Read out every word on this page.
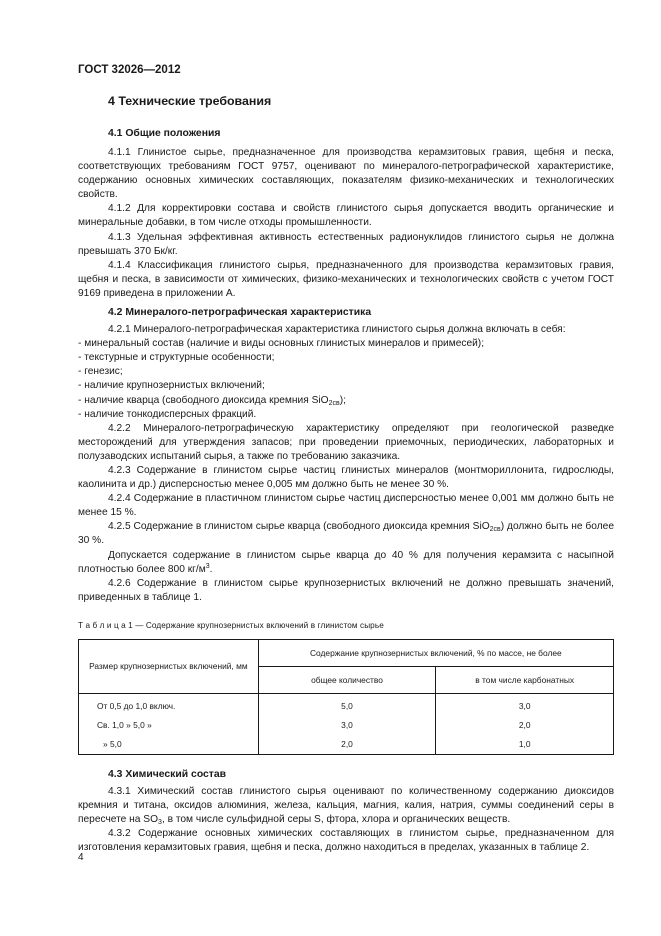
ГОСТ 32026—2012
4 Технические требования
4.1 Общие положения

4.1.1 Глинистое сырье, предназначенное для производства керамзитовых гравия, щебня и песка, соответствующих требованиям ГОСТ 9757, оценивают по минералого-петрографической характеристике, содержанию основных химических составляющих, показателям физико-механических и технологических свойств.

4.1.2 Для корректировки состава и свойств глинистого сырья допускается вводить органические и минеральные добавки, в том числе отходы промышленности.

4.1.3 Удельная эффективная активность естественных радионуклидов глинистого сырья не должна превышать 370 Бк/кг.

4.1.4 Классификация глинистого сырья, предназначенного для производства керамзитовых гравия, щебня и песка, в зависимости от химических, физико-механических и технологических свойств с учетом ГОСТ 9169 приведена в приложении А.

4.2 Минералого-петрографическая характеристика

4.2.1 Минералого-петрографическая характеристика глинистого сырья должна включать в себя:

- минеральный состав (наличие и виды основных глинистых минералов и примесей);

- текстурные и структурные особенности;

- генезис;

- наличие крупнозернистых включений;

- наличие кварца (свободного диоксида кремния SiO$_{2св}$);

- наличие тонкодисперсных фракций.

4.2.2 Минералого-петрографическую характеристику определяют при геологической разведке месторождений для утверждения запасов; при проведении приемочных, периодических, лабораторных и полузаводских испытаний сырья, а также по требованию заказчика.

4.2.3 Содержание в глинистом сырье частиц глинистых минералов (монтмориллонита, гидрослюды, каолинита и др.) дисперсностью менее 0,005 мм должно быть не менее 30 %.

4.2.4 Содержание в пластичном глинистом сырье частиц дисперсностью менее 0,001 мм должно быть не менее 15 %.

4.2.5 Содержание в глинистом сырье кварца (свободного диоксида кремния SiO$_{2св}$) должно быть не более 30 %.

Допускается содержание в глинистом сырье кварца до 40 % для получения керамзита с насыпной плотностью более 800 $кг/м^3$.

4.2.6 Содержание в глинистом сырье крупнозернистых включений не должно превышать значений, приведенных в таблице 1.

Т а б л и ц а 1 — Содержание крупнозернистых включений в глинистом сырье
Размер крупнозернистых включений, мм	Содержание крупнозернистых включений, % по массе, не более	
	общее количество	в том числе карбонатных
От 0,5 до 1,0 включ.	5,0	3,0
Св. 1,0 » 5,0 »	3,0	2,0
» 5,0	2,0	1,0
4.3 Химический состав

4.3.1 Химический состав глинистого сырья оценивают по количественному содержанию диоксидов кремния и титана, оксидов алюминия, железа, кальция, магния, калия, натрия, суммы соединений серы в пересчете на $SO_3$, в том числе сульфидной серы S, фтора, хлора и органических веществ.

4.3.2 Содержание основных химических составляющих в глинистом сырье, предназначенном для изготовления керамзитовых гравия, щебня и песка, должно находиться в пределах, указанных в таблице 2.

4
